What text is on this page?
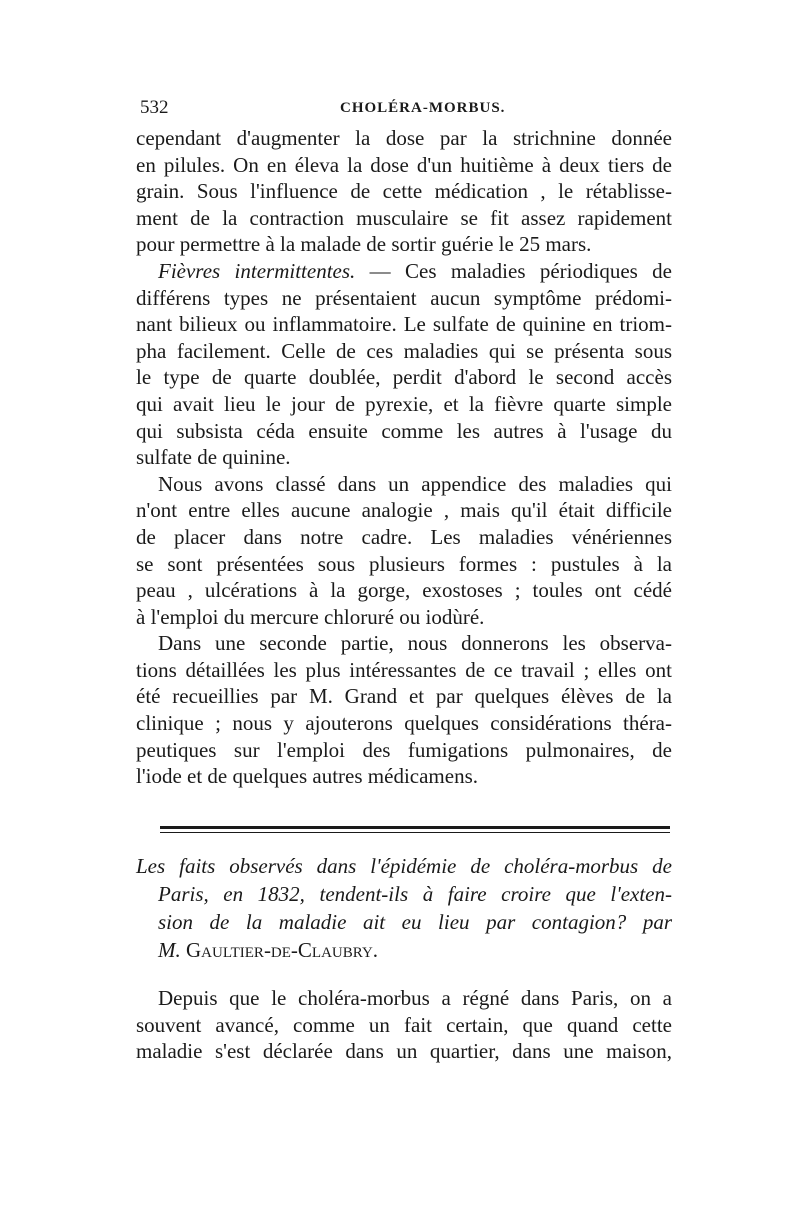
532	CHOLÉRA-MORBUS.
cependant d'augmenter la dose par la strichnine donnée
en pilules. On en éleva la dose d'un huitième à deux tiers de
grain. Sous l'influence de cette médication , le rétablisse-
ment de la contraction musculaire se fit assez rapidement
pour permettre à la malade de sortir guérie le 25 mars.
Fièvres intermittentes. — Ces maladies périodiques de
différens types ne présentaient aucun symptôme prédomi-
nant bilieux ou inflammatoire. Le sulfate de quinine en triom-
pha facilement. Celle de ces maladies qui se présenta sous
le type de quarte doublée, perdit d'abord le second accès
qui avait lieu le jour de pyrexie, et la fièvre quarte simple
qui subsista céda ensuite comme les autres à l'usage du
sulfate de quinine.
Nous avons classé dans un appendice des maladies qui
n'ont entre elles aucune analogie , mais qu'il était difficile
de placer dans notre cadre. Les maladies vénériennes
se sont présentées sous plusieurs formes : pustules à la
peau , ulcérations à la gorge, exostoses ; toules ont cédé
à l'emploi du mercure chloruré ou iodùré.
Dans une seconde partie, nous donnerons les observa-
tions détaillées les plus intéressantes de ce travail ; elles ont
été recueillies par M. Grand et par quelques élèves de la
clinique ; nous y ajouterons quelques considérations théra-
peutiques sur l'emploi des fumigations pulmonaires, de
l'iode et de quelques autres médicamens.
Les faits observés dans l'épidémie de choléra-morbus de
Paris, en 1832, tendent-ils à faire croire que l'exten-
sion de la maladie ait eu lieu par contagion? par
M. Gaultier-de-Claubry.
Depuis que le choléra-morbus a régné dans Paris, on a
souvent avancé, comme un fait certain, que quand cette
maladie s'est déclarée dans un quartier, dans une maison,
